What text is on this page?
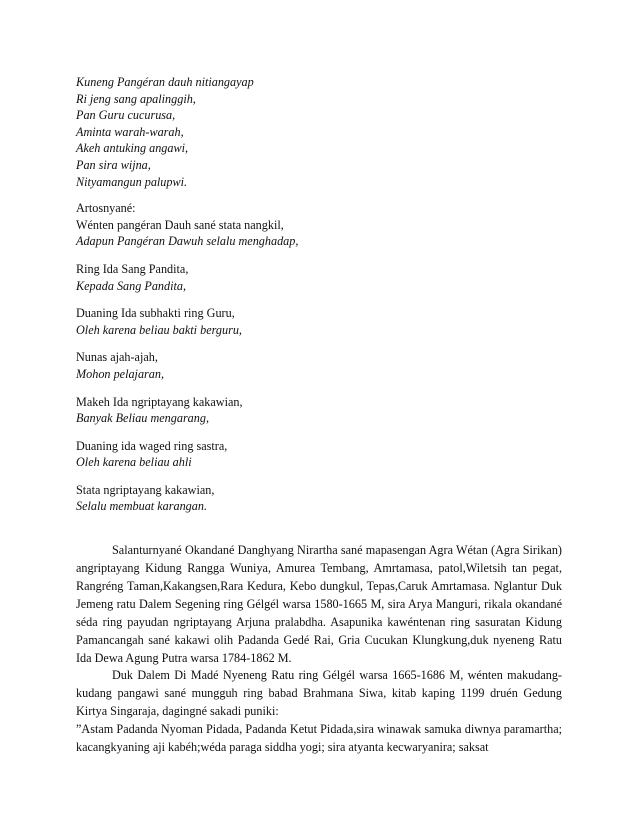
Kuneng Pangéran dauh nitiangayap
Ri jeng sang apalinggih,
Pan Guru cucurusa,
Aminta warah-warah,
Akeh antuking angawi,
Pan sira wijna,
Nityamangun palupwi.
Artosnyané:
Wénten pangéran Dauh sané stata nangkil,
Adapun Pangéran Dawuh selalu menghadap,
Ring Ida Sang Pandita,
Kepada Sang Pandita,
Duaning Ida subhakti ring Guru,
Oleh karena beliau bakti berguru,
Nunas ajah-ajah,
Mohon pelajaran,
Makeh Ida ngriptayang kakawian,
Banyak Beliau mengarang,
Duaning ida waged ring sastra,
Oleh karena beliau ahli
Stata ngriptayang kakawian,
Selalu membuat karangan.

Salanturnyané Okandané Danghyang Nirartha sané mapasengan Agra Wétan (Agra Sirikan) angriptayang Kidung Rangga Wuniya, Amurea Tembang, Amrtamasa, patol,Wiletsih tan pegat, Rangréng Taman,Kakangsen,Rara Kedura, Kebo dungkul, Tepas,Caruk Amrtamasa. Nglantur Duk Jemeng ratu Dalem Segening ring Gélgél warsa 1580-1665 M, sira Arya Manguri, rikala okandané séda ring payudan ngriptayang Arjuna pralabdha. Asapunika kawéntenan ring sasuratan Kidung Pamancangah sané kakawi olih Padanda Gedé Rai, Gria Cucukan Klungkung,duk nyeneng Ratu Ida Dewa Agung Putra warsa 1784-1862 M.

Duk Dalem Di Madé Nyeneng Ratu ring Gélgél warsa 1665-1686 M, wénten makudang-kudang pangawi sané mungguh ring babad Brahmana Siwa, kitab kaping 1199 druén Gedung Kirtya Singaraja, dagingné sakadi puniki:

”Astam Padanda Nyoman Pidada, Padanda Ketut Pidada,sira winawak samuka diwnya paramartha; kacangkyaning aji kabéh;wéda paraga siddha yogi; sira atyanta kecwaryanira; saksat
